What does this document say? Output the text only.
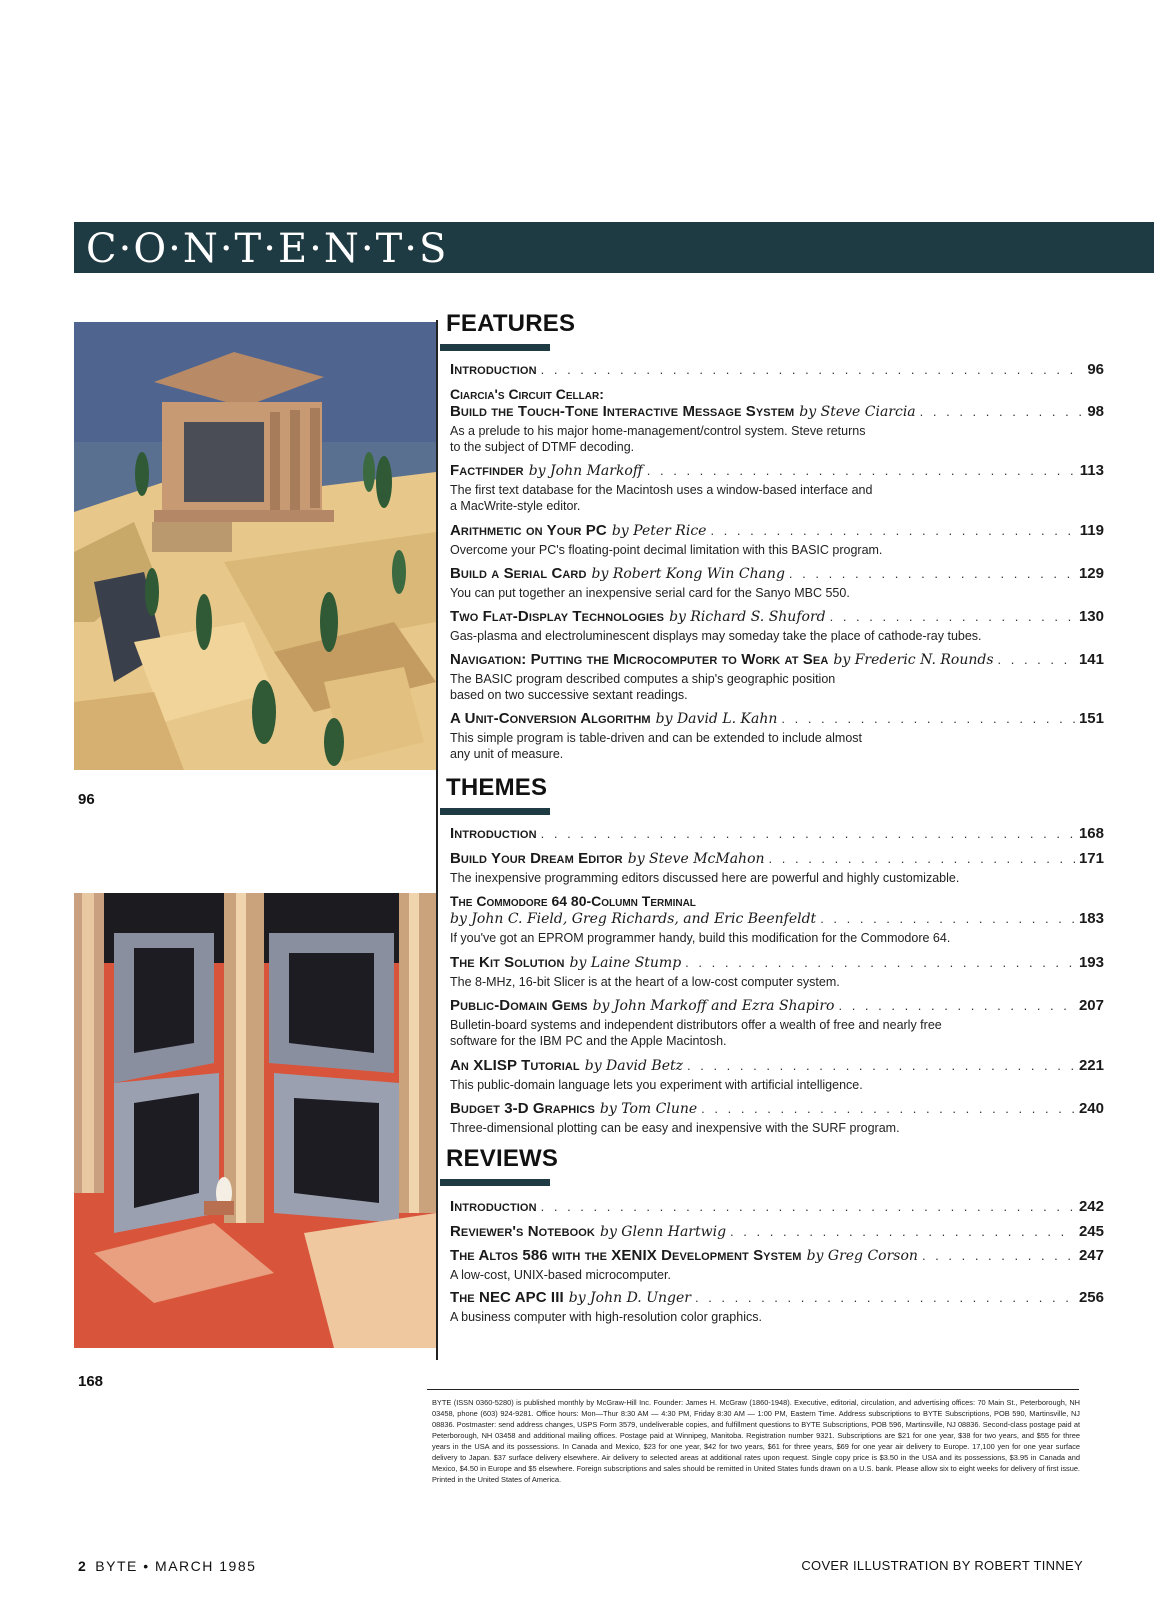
C·O·N·T·E·N·T·S
96
168
FEATURES
Introduction . . .	96
Ciarcia's Circuit Cellar:
Build the Touch-Tone Interactive Message System by Steve Ciarcia . . .	98
As a prelude to his major home-management/control system. Steve returns
to the subject of DTMF decoding.
Factfinder by John Markoff . . .	113
The first text database for the Macintosh uses a window-based interface and
a MacWrite-style editor.
Arithmetic on Your PC by Peter Rice . . .	119
Overcome your PC's floating-point decimal limitation with this BASIC program.
Build a Serial Card by Robert Kong Win Chang . . .	129
You can put together an inexpensive serial card for the Sanyo MBC 550.
Two Flat-Display Technologies by Richard S. Shuford . . .	130
Gas-plasma and electroluminescent displays may someday take the place of cathode-ray tubes.
Navigation: Putting the Microcomputer to Work at Sea by Frederic N. Rounds . . .	141
The BASIC program described computes a ship's geographic position
based on two successive sextant readings.
A Unit-Conversion Algorithm by David L. Kahn . . .	151
This simple program is table-driven and can be extended to include almost
any unit of measure.
THEMES
Introduction . . .	168
Build Your Dream Editor by Steve McMahon . . .	171
The inexpensive programming editors discussed here are powerful and highly customizable.
The Commodore 64 80-Column Terminal
by John C. Field, Greg Richards, and Eric Beenfeldt . . .	183
If you've got an EPROM programmer handy, build this modification for the Commodore 64.
The Kit Solution by Laine Stump . . .	193
The 8-MHz, 16-bit Slicer is at the heart of a low-cost computer system.
Public-Domain Gems by John Markoff and Ezra Shapiro . . .	207
Bulletin-board systems and independent distributors offer a wealth of free and nearly free
software for the IBM PC and the Apple Macintosh.
An XLISP Tutorial by David Betz . . .	221
This public-domain language lets you experiment with artificial intelligence.
Budget 3-D Graphics by Tom Clune . . .	240
Three-dimensional plotting can be easy and inexpensive with the SURF program.
REVIEWS
Introduction . . .	242
Reviewer's Notebook by Glenn Hartwig . . .	245
The Altos 586 with the XENIX Development System by Greg Corson . . .	247
A low-cost, UNIX-based microcomputer.
The NEC APC III by John D. Unger . . .	256
A business computer with high-resolution color graphics.
BYTE (ISSN 0360-5280) is published monthly by McGraw-Hill Inc. Founder: James H. McGraw (1860-1948). Executive, editorial, circulation, and advertising offices: 70 Main St., Peterborough, NH 03458, phone (603) 924-9281. Office hours: Mon—Thur 8:30 AM — 4:30 PM, Friday 8:30 AM — 1:00 PM, Eastern Time. Address subscriptions to BYTE Subscriptions, POB 590, Martinsville, NJ 08836. Postmaster: send address changes, USPS Form 3579, undeliverable copies, and fulfillment questions to BYTE Subscriptions, POB 596, Martinsville, NJ 08836. Second-class postage paid at Peterborough, NH 03458 and additional mailing offices. Postage paid at Winnipeg, Manitoba. Registration number 9321. Subscriptions are $21 for one year, $38 for two years, and $55 for three years in the USA and its possessions. In Canada and Mexico, $23 for one year, $42 for two years, $61 for three years, $69 for one year air delivery to Europe. 17,100 yen for one year surface delivery to Japan. $37 surface delivery elsewhere. Air delivery to selected areas at additional rates upon request. Single copy price is $3.50 in the USA and its possessions, $3.95 in Canada and Mexico, $4.50 in Europe and $5 elsewhere. Foreign subscriptions and sales should be remitted in United States funds drawn on a U.S. bank. Please allow six to eight weeks for delivery of first issue. Printed in the United States of America.
2 BYTE • MARCH 1985	COVER ILLUSTRATION BY ROBERT TINNEY
